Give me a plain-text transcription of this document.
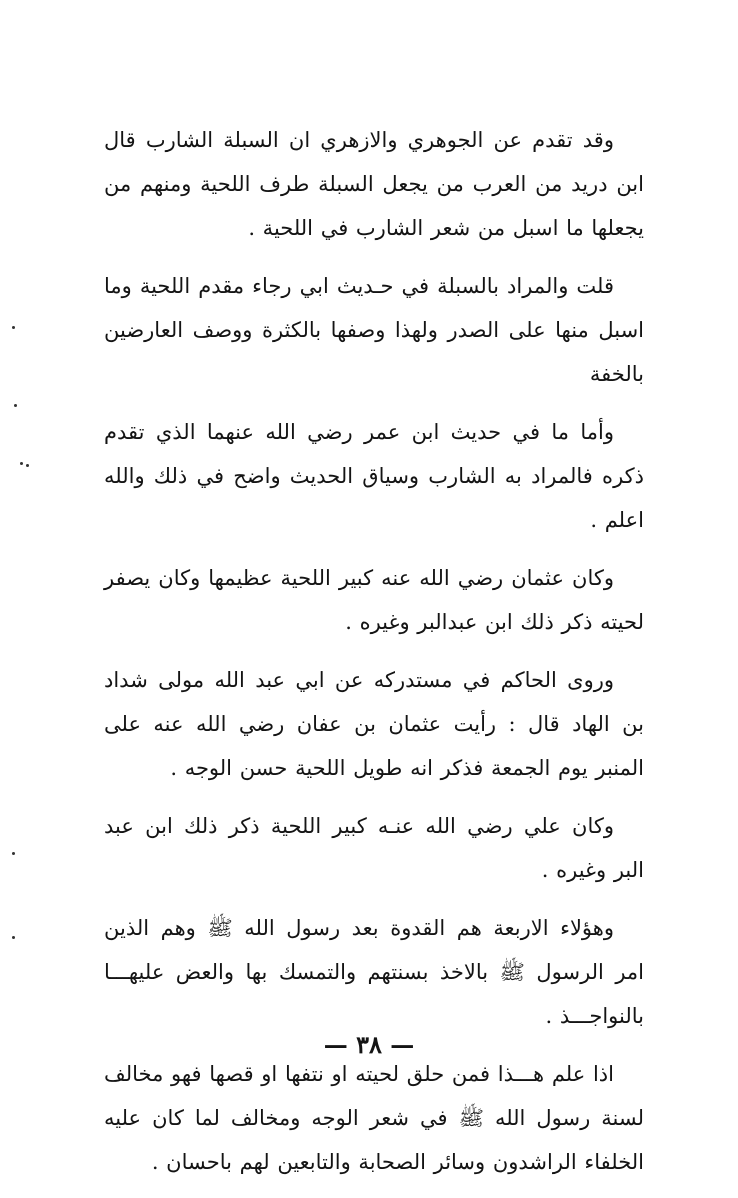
وقد تقدم عن الجوهري والازهري ان السبلة الشارب قال ابن دريد من العرب من يجعل السبلة طرف اللحية ومنهم من يجعلها ما اسبل من شعر الشارب في اللحية .

قلت والمراد بالسبلة في حـديث ابي رجاء مقدم اللحية وما اسبل منها على الصدر ولهذا وصفها بالكثرة ووصف العارضين بالخفة

وأما ما في حديث ابن عمر رضي الله عنهما الذي تقدم ذكره فالمراد به الشارب وسياق الحديث واضح في ذلك والله اعلم .

وكان عثمان رضي الله عنه كبير اللحية عظيمها وكان يصفر لحيته ذكر ذلك ابن عبدالبر وغيره .

وروى الحاكم في مستدركه عن ابي عبد الله مولى شداد بن الهاد قال : رأيت عثمان بن عفان رضي الله عنه على المنبر يوم الجمعة فذكر انه طويل اللحية حسن الوجه .

وكان علي رضي الله عنـه كبير اللحية ذكر ذلك ابن عبد البر وغيره .

وهؤلاء الاربعة هم القدوة بعد رسول الله ﷺ وهم الذين امر الرسول ﷺ بالاخذ بسنتهم والتمسك بها والعض عليهـــا بالنواجـــذ .

اذا علم هـــذا فمن حلق لحيته او نتفها او قصها فهو مخالف لسنة رسول الله ﷺ في شعر الوجه ومخالف لما كان عليه الخلفاء الراشدون وسائر الصحابة والتابعين لهم باحسان .

— ٣٨ —
